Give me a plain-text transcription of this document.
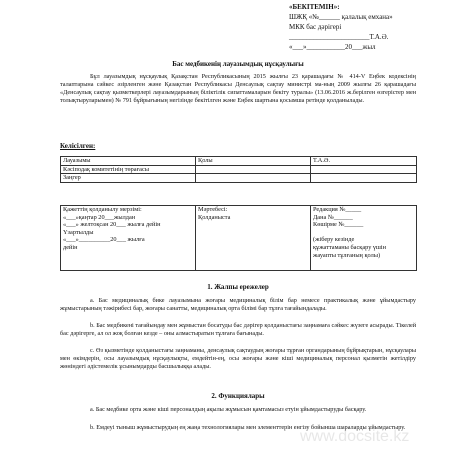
«БЕКІТЕМІН»:
ШЖҚ «№______ қалалық емхана»
МКК бас дәрігері
_______________________Т.А.Ә.
«___»___________20___жыл
Бас медбикенің лауазымдық нұсқаулығы
Бұл лауазымдық нұсқаулық Қазақстан Республикасының 2015 жылғы 23 қарашадағы № 414-V Еңбек кодексінің талаптарына сәйкес әзірленген және Қазақстан Республикасы Денсаулық сақтау министрі ма-ның 2009 жылғы 26 қарашадағы «Денсаулық сақтау қызметкерлері лауазымдарының біліктілік сипаттамаларын бекіту туралы» (13.06.2016 ж.берілген өзгерістер мен толықтыруларымен) № 791 бұйрығының негізінде бекітілген және Еңбек шартына қосымша ретінде қолданылады.
Келісілген:
Лауазымы	Қолы	Т.А.Ә.
Кәсіподақ комитетінің төрағасы		
Заңгер		
Қажеттің қолданылу мерзімі:
«___»қаңтар 20___жылдан
«___» желтоқсан 20___ жылға дейін
Үзартылды
«___»__________20___ жылға
дейін

Мәртебесі:
Қолданыста

Редакция №_____
Дана №______
Көшірме №______
(жіберу кезінде
құжаттаманы басқару үшін
жауапты тұлғаның қолы)
1. Жалпы ережелер
а. Бас медициналық бике лауазымына жоғары медициналық білім бар немесе практикалық және ұйымдастыру жұмыстарының тәжірибесі бар, жоғары санатты, медициналық орта білімі бар тұлға тағайындалады.
b. Бас медбикені тағайындау мен жұмыстан босатуды бас дәрігер қолданыстағы заңнамаға сәйкес жүзеге асырады. Тікелей бас дәрігерге, ал ол жоқ болған кезде – оны алмастыратын тұлғаға бағынады.
с. Өз қызметінде қолданыстағы заңнаманы, денсаулық сақтаудың жоғары тұрған органдарының бұйрықтарын, нұсқаулары мен өкімдерін, осы лауазымдық нұсқаулықты, емдейтін-ең, осы жоғары және кіші медициналық персонал қызметін жетілдіру жөніндегі әдістемелік ұсынымдарды басшылыққа алады.
2. Функциялары
а. Бас медбике орта және кіші персоналдың ақылы жұмысын қамтамасыз етуін ұйымдастыруды басқару.
b. Емдеуі тыныш жұмыстырудың ең жаңа технологиялары мен элементтерін енгізу бойынша шараларды ұйымдастыру.
www.docsite.kz
